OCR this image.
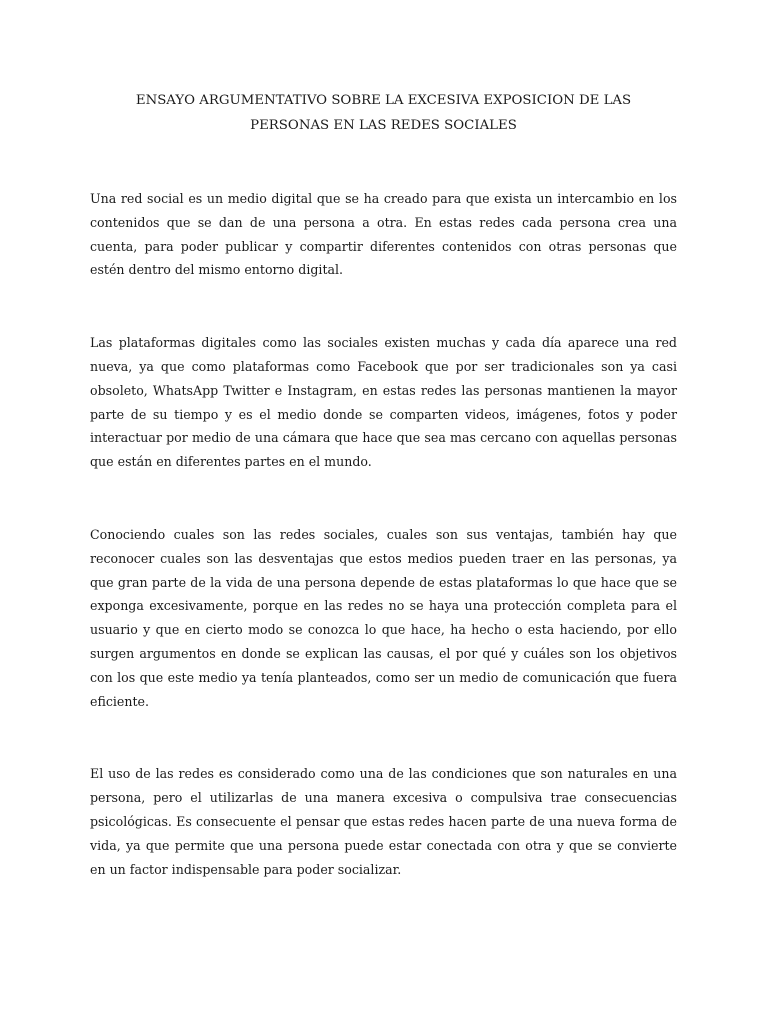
ENSAYO ARGUMENTATIVO SOBRE LA EXCESIVA EXPOSICION DE LAS
PERSONAS EN LAS REDES SOCIALES

Una red social es un medio digital que se ha creado para que exista un intercambio en los contenidos que se dan de una persona a otra. En estas redes cada persona crea una cuenta, para poder publicar y compartir diferentes contenidos con otras personas que estén dentro del mismo entorno digital.

Las plataformas digitales como las sociales existen muchas y cada día aparece una red nueva, ya que como plataformas como Facebook que por ser tradicionales son ya casi obsoleto, WhatsApp Twitter e Instagram, en estas redes las personas mantienen la mayor parte de su tiempo y es el medio donde se comparten videos, imágenes, fotos y poder interactuar por medio de una cámara que hace que sea mas cercano con aquellas personas que están en diferentes partes en el mundo.

Conociendo cuales son las redes sociales, cuales son sus ventajas, también hay que reconocer cuales son las desventajas que estos medios pueden traer en las personas, ya que gran parte de la vida de una persona depende de estas plataformas lo que hace que se exponga excesivamente, porque en las redes no se haya una protección completa para el usuario y que en cierto modo se conozca lo que hace, ha hecho o esta haciendo, por ello surgen argumentos en donde se explican las causas, el por qué y cuáles son los objetivos con los que este medio ya tenía planteados, como ser un medio de comunicación que fuera eficiente.

El uso de las redes es considerado como una de las condiciones que son naturales en una persona, pero el utilizarlas de una manera excesiva o compulsiva trae consecuencias psicológicas. Es consecuente el pensar que estas redes hacen parte de una nueva forma de vida, ya que permite que una persona puede estar conectada con otra y que se convierte en un factor indispensable para poder socializar.
